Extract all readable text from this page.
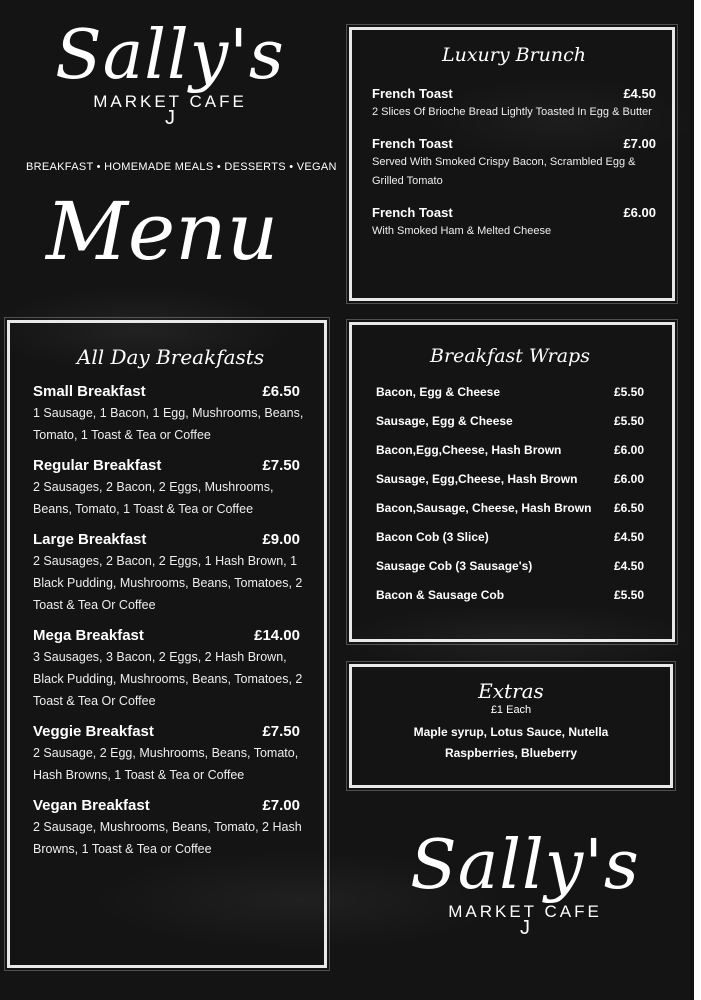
Sally's
MARKET CAFE
J
BREAKFAST • HOMEMADE MEALS • DESSERTS • VEGAN
Menu
Luxury Brunch
French Toast	£4.50
2 Slices Of Brioche Bread Lightly Toasted In Egg & Butter
French Toast	£7.00
Served With Smoked Crispy Bacon, Scrambled Egg & Grilled Tomato
French Toast	£6.00
With Smoked Ham & Melted Cheese
All Day Breakfasts
Small Breakfast	£6.50
1 Sausage, 1 Bacon, 1 Egg, Mushrooms, Beans, Tomato, 1 Toast & Tea or Coffee
Regular Breakfast	£7.50
2 Sausages, 2 Bacon, 2 Eggs, Mushrooms, Beans, Tomato, 1 Toast & Tea or Coffee
Large Breakfast	£9.00
2 Sausages, 2 Bacon, 2 Eggs, 1 Hash Brown, 1 Black Pudding, Mushrooms, Beans, Tomatoes, 2 Toast & Tea Or Coffee
Mega Breakfast	£14.00
3 Sausages, 3 Bacon, 2 Eggs, 2 Hash Brown, Black Pudding, Mushrooms, Beans, Tomatoes, 2 Toast & Tea Or Coffee
Veggie Breakfast	£7.50
2 Sausage, 2 Egg, Mushrooms, Beans, Tomato, Hash Browns, 1 Toast & Tea or Coffee
Vegan Breakfast	£7.00
2 Sausage, Mushrooms, Beans, Tomato, 2 Hash Browns, 1 Toast & Tea or Coffee
Breakfast Wraps
Bacon, Egg & Cheese	£5.50
Sausage, Egg & Cheese	£5.50
Bacon,Egg,Cheese, Hash Brown	£6.00
Sausage, Egg,Cheese, Hash Brown	£6.00
Bacon,Sausage, Cheese, Hash Brown £6.50
Bacon Cob (3 Slice)	£4.50
Sausage Cob (3 Sausage's)	£4.50
Bacon & Sausage Cob	£5.50
Extras
£1 Each
Maple syrup, Lotus Sauce, Nutella
Raspberries, Blueberry
Sally's
MARKET CAFE
J
